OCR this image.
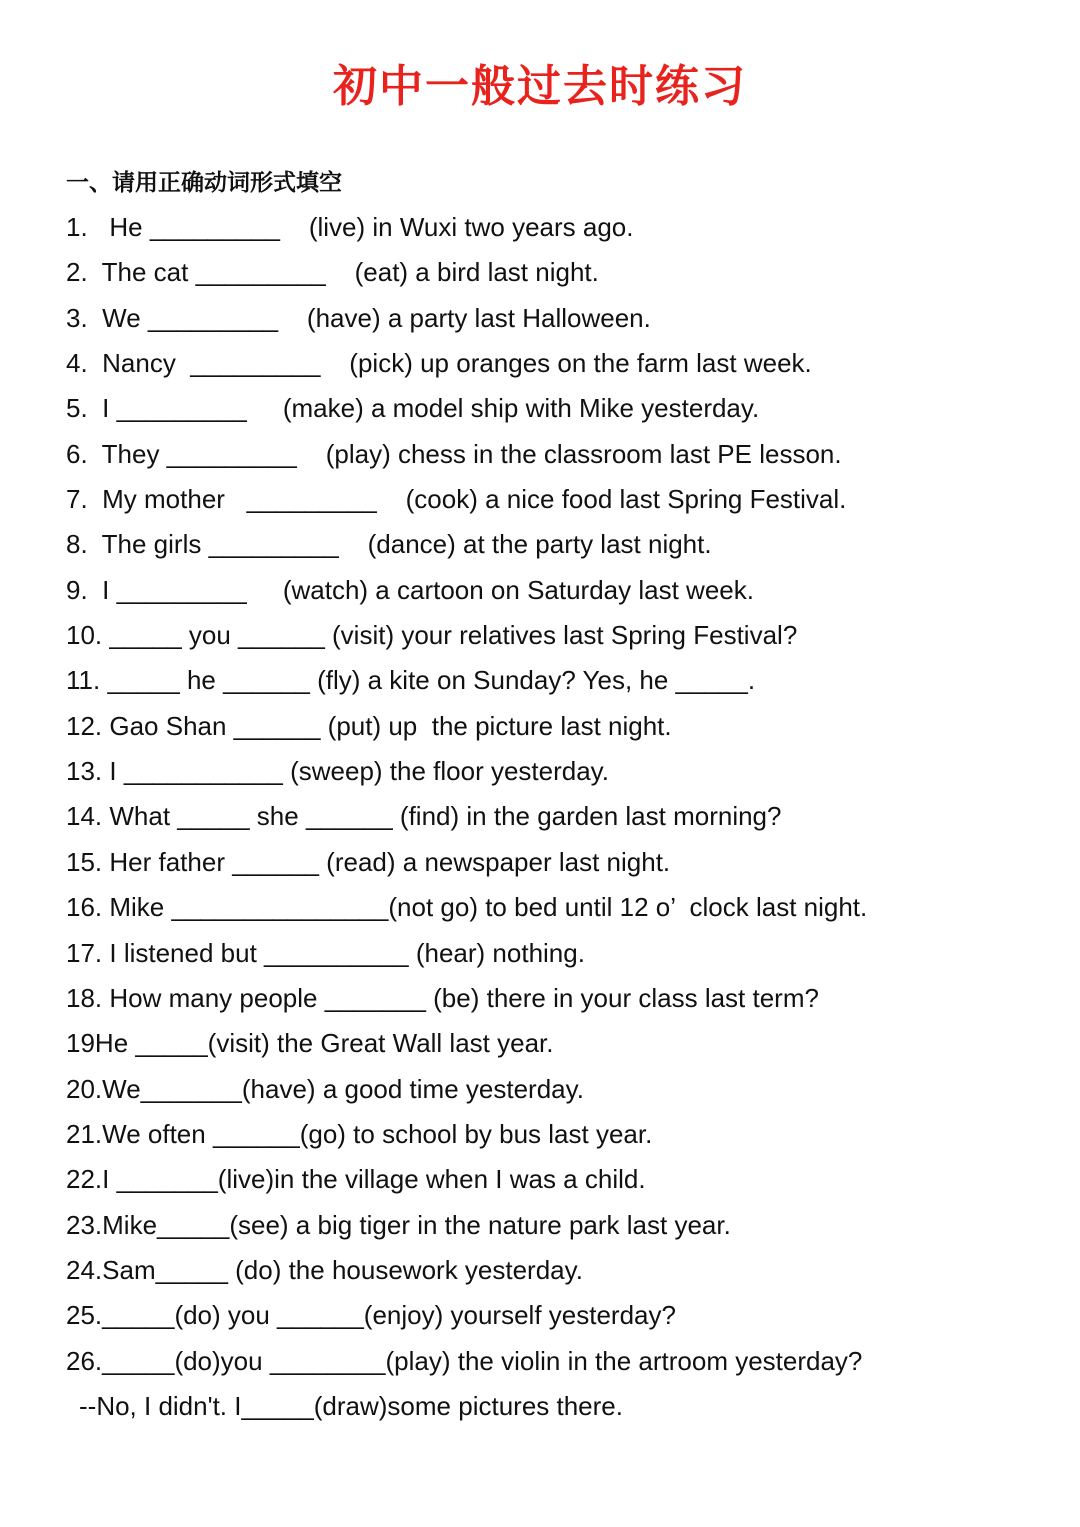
初中一般过去时练习
一、请用正确动词形式填空
1.   He _________    (live) in Wuxi two years ago.
2.  The cat _________    (eat) a bird last night.
3.  We _________    (have) a party last Halloween.
4.  Nancy  _________    (pick) up oranges on the farm last week.
5.  I _________     (make) a model ship with Mike yesterday.
6.  They _________    (play) chess in the classroom last PE lesson.
7.  My mother   _________    (cook) a nice food last Spring Festival.
8.  The girls _________    (dance) at the party last night.
9.  I _________     (watch) a cartoon on Saturday last week.
10. _____ you ______ (visit) your relatives last Spring Festival?
11. _____ he ______ (fly) a kite on Sunday? Yes, he _____.
12. Gao Shan ______ (put) up  the picture last night.
13. I ___________ (sweep) the floor yesterday.
14. What _____ she ______ (find) in the garden last morning?
15. Her father ______ (read) a newspaper last night.
16. Mike _______________(not go) to bed until 12 o’  clock last night.
17. I listened but __________ (hear) nothing.
18. How many people _______ (be) there in your class last term?
19He _____(visit) the Great Wall last year.
20.We_______(have) a good time yesterday.
21.We often ______(go) to school by bus last year.
22.I _______(live)in the village when I was a child.
23.Mike_____(see) a big tiger in the nature park last year.
24.Sam_____ (do) the housework yesterday.
25._____(do) you ______(enjoy) yourself yesterday?
26._____(do)you ________(play) the violin in the artroom yesterday?
--No, I didn't. I_____(draw)some pictures there.
